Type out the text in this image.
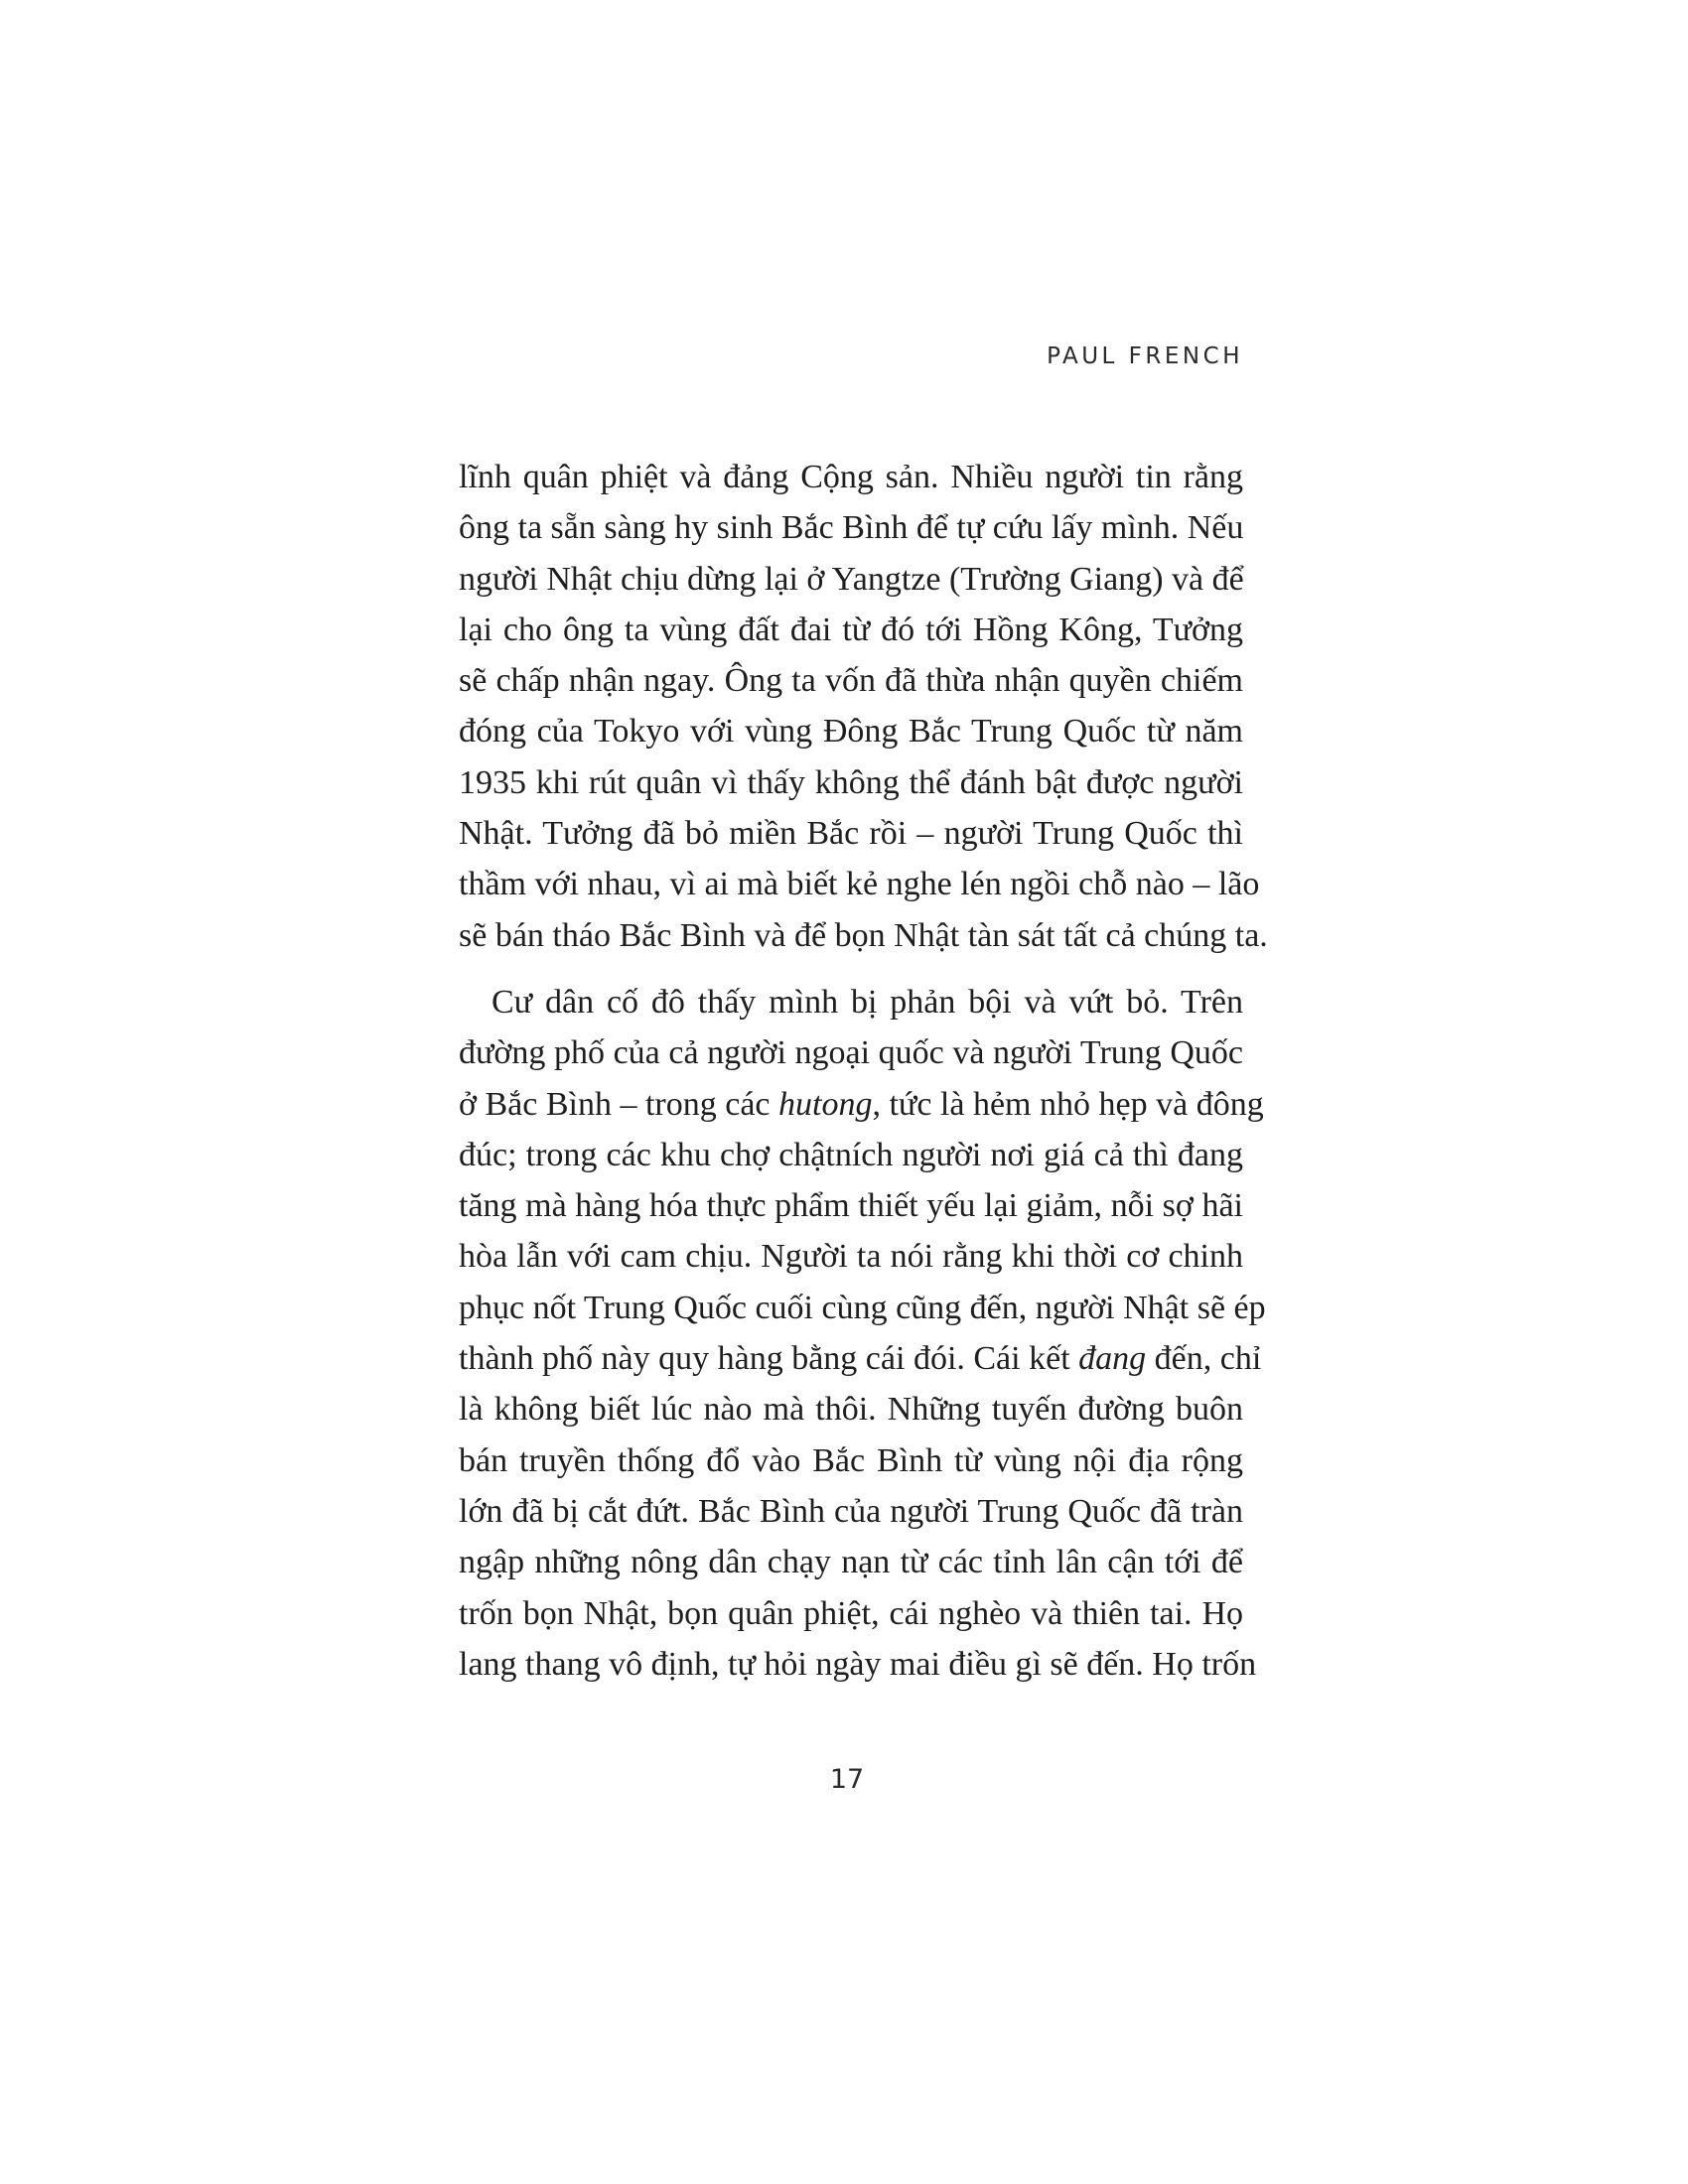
PAUL FRENCH
lĩnh quân phiệt và đảng Cộng sản. Nhiều người tin rằng
ông ta sẵn sàng hy sinh Bắc Bình để tự cứu lấy mình. Nếu
người Nhật chịu dừng lại ở Yangtze (Trường Giang) và để
lại cho ông ta vùng đất đai từ đó tới Hồng Kông, Tưởng
sẽ chấp nhận ngay. Ông ta vốn đã thừa nhận quyền chiếm
đóng của Tokyo với vùng Đông Bắc Trung Quốc từ năm
1935 khi rút quân vì thấy không thể đánh bật được người
Nhật. Tưởng đã bỏ miền Bắc rồi – người Trung Quốc thì
thầm với nhau, vì ai mà biết kẻ nghe lén ngồi chỗ nào – lão
sẽ bán tháo Bắc Bình và để bọn Nhật tàn sát tất cả chúng ta.
Cư dân cố đô thấy mình bị phản bội và vứt bỏ. Trên
đường phố của cả người ngoại quốc và người Trung Quốc
ở Bắc Bình – trong các hutong, tức là hẻm nhỏ hẹp và đông
đúc; trong các khu chợ chậtních người nơi giá cả thì đang
tăng mà hàng hóa thực phẩm thiết yếu lại giảm, nỗi sợ hãi
hòa lẫn với cam chịu. Người ta nói rằng khi thời cơ chinh
phục nốt Trung Quốc cuối cùng cũng đến, người Nhật sẽ ép
thành phố này quy hàng bằng cái đói. Cái kết đang đến, chỉ
là không biết lúc nào mà thôi. Những tuyến đường buôn
bán truyền thống đổ vào Bắc Bình từ vùng nội địa rộng
lớn đã bị cắt đứt. Bắc Bình của người Trung Quốc đã tràn
ngập những nông dân chạy nạn từ các tỉnh lân cận tới để
trốn bọn Nhật, bọn quân phiệt, cái nghèo và thiên tai. Họ
lang thang vô định, tự hỏi ngày mai điều gì sẽ đến. Họ trốn
17
